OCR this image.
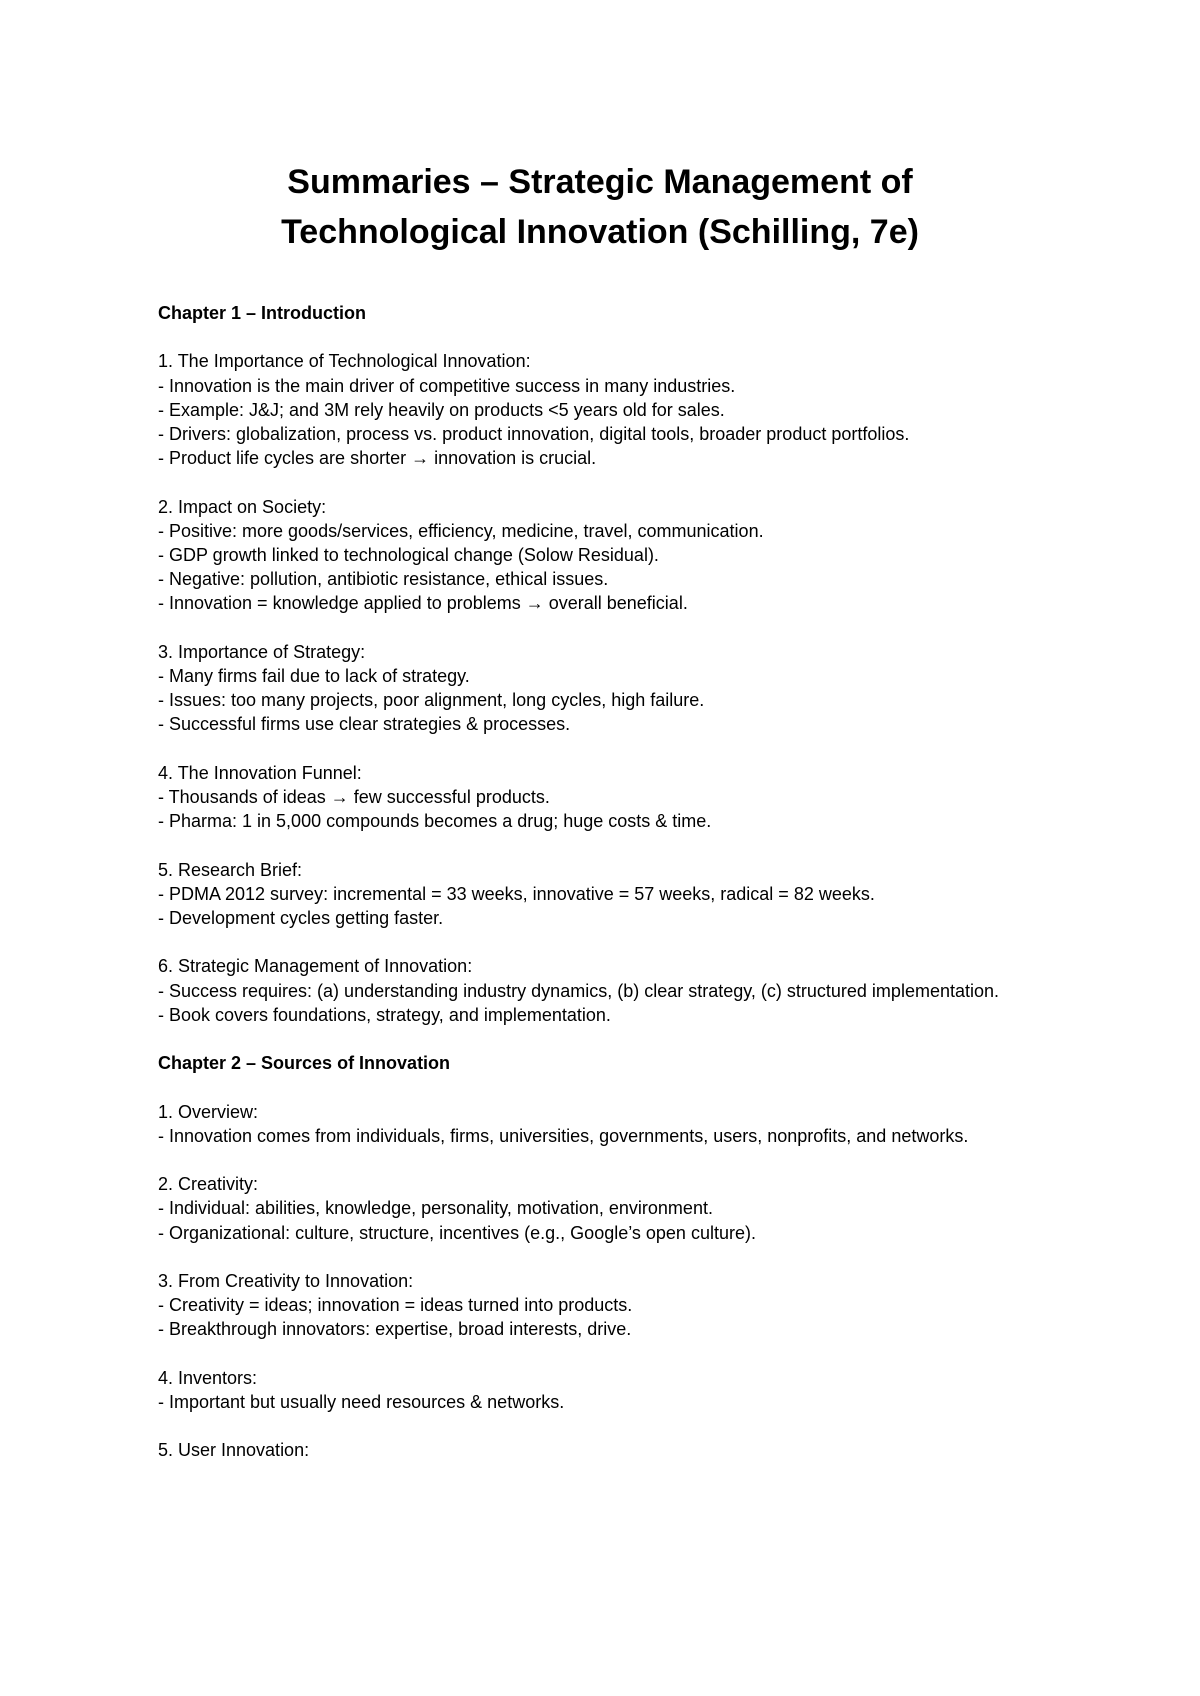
Summaries – Strategic Management of
Technological Innovation (Schilling, 7e)
Chapter 1 – Introduction
1. The Importance of Technological Innovation:
- Innovation is the main driver of competitive success in many industries.
- Example: J&J; and 3M rely heavily on products <5 years old for sales.
- Drivers: globalization, process vs. product innovation, digital tools, broader product portfolios.
- Product life cycles are shorter → innovation is crucial.
2. Impact on Society:
- Positive: more goods/services, efficiency, medicine, travel, communication.
- GDP growth linked to technological change (Solow Residual).
- Negative: pollution, antibiotic resistance, ethical issues.
- Innovation = knowledge applied to problems → overall beneficial.
3. Importance of Strategy:
- Many firms fail due to lack of strategy.
- Issues: too many projects, poor alignment, long cycles, high failure.
- Successful firms use clear strategies & processes.
4. The Innovation Funnel:
- Thousands of ideas → few successful products.
- Pharma: 1 in 5,000 compounds becomes a drug; huge costs & time.
5. Research Brief:
- PDMA 2012 survey: incremental = 33 weeks, innovative = 57 weeks, radical = 82 weeks.
- Development cycles getting faster.
6. Strategic Management of Innovation:
- Success requires: (a) understanding industry dynamics, (b) clear strategy, (c) structured implementation.
- Book covers foundations, strategy, and implementation.
Chapter 2 – Sources of Innovation
1. Overview:
- Innovation comes from individuals, firms, universities, governments, users, nonprofits, and networks.
2. Creativity:
- Individual: abilities, knowledge, personality, motivation, environment.
- Organizational: culture, structure, incentives (e.g., Google’s open culture).
3. From Creativity to Innovation:
- Creativity = ideas; innovation = ideas turned into products.
- Breakthrough innovators: expertise, broad interests, drive.
4. Inventors:
- Important but usually need resources & networks.
5. User Innovation:
